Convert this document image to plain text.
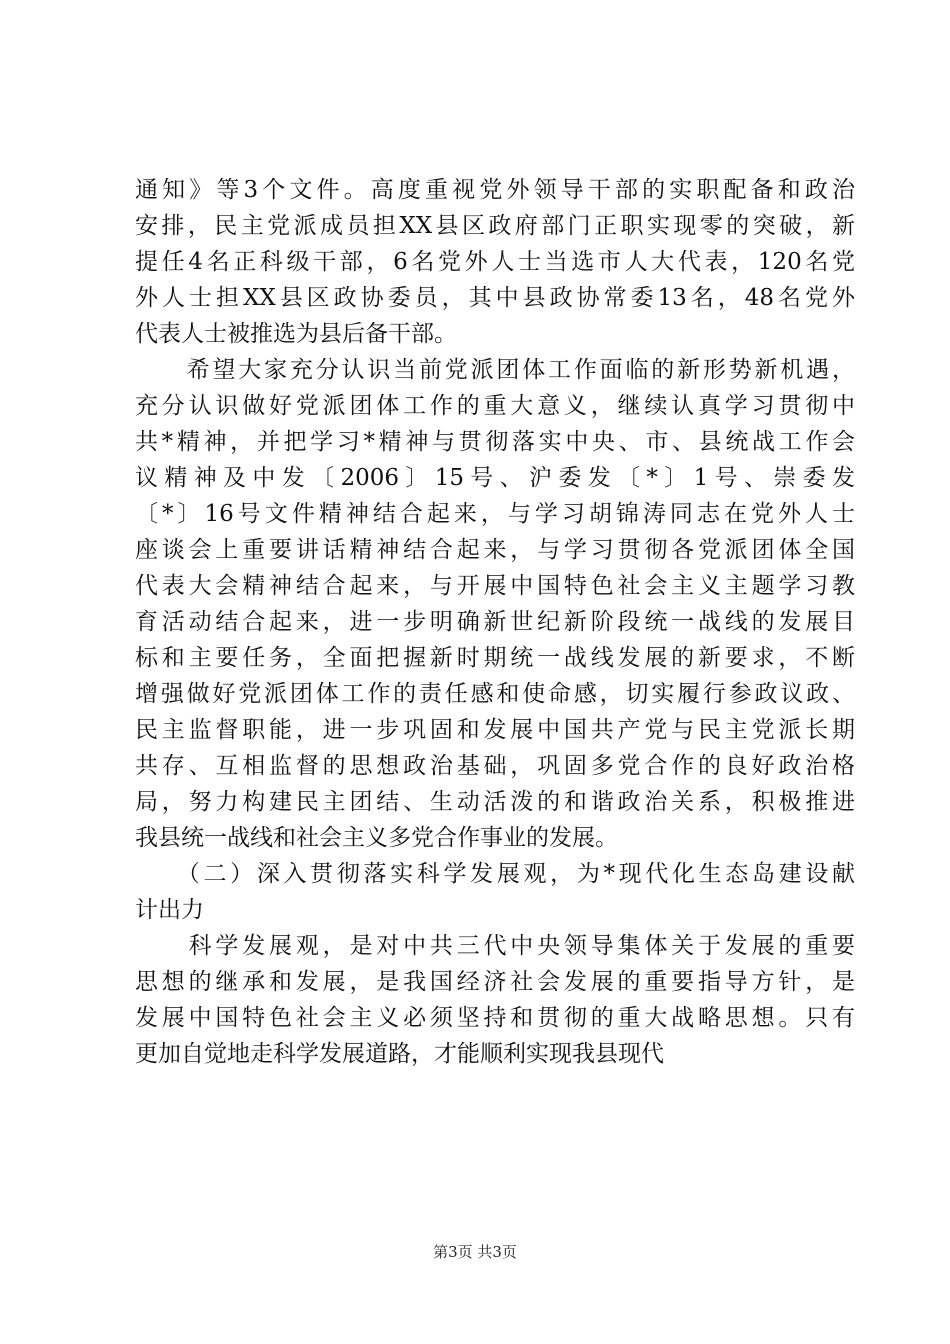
通知》等3个文件。高度重视党外领导干部的实职配备和政治
安排，民主党派成员担XX县区政府部门正职实现零的突破，新
提任4名正科级干部，6名党外人士当选市人大代表，120名党
外人士担XX县区政协委员，其中县政协常委13名，48名党外
代表人士被推选为县后备干部。
　　希望大家充分认识当前党派团体工作面临的新形势新机遇，
充分认识做好党派团体工作的重大意义，继续认真学习贯彻中
共*精神，并把学习*精神与贯彻落实中央、市、县统战工作会
议精神及中发〔2006〕15号、沪委发〔*〕1号、崇委发
〔*〕16号文件精神结合起来，与学习胡锦涛同志在党外人士
座谈会上重要讲话精神结合起来，与学习贯彻各党派团体全国
代表大会精神结合起来，与开展中国特色社会主义主题学习教
育活动结合起来，进一步明确新世纪新阶段统一战线的发展目
标和主要任务，全面把握新时期统一战线发展的新要求，不断
增强做好党派团体工作的责任感和使命感，切实履行参政议政、
民主监督职能，进一步巩固和发展中国共产党与民主党派长期
共存、互相监督的思想政治基础，巩固多党合作的良好政治格
局，努力构建民主团结、生动活泼的和谐政治关系，积极推进
我县统一战线和社会主义多党合作事业的发展。
　　（二）深入贯彻落实科学发展观，为*现代化生态岛建设献
计出力
　　科学发展观，是对中共三代中央领导集体关于发展的重要
思想的继承和发展，是我国经济社会发展的重要指导方针，是
发展中国特色社会主义必须坚持和贯彻的重大战略思想。只有
更加自觉地走科学发展道路，才能顺利实现我县现代
第3页 共3页
